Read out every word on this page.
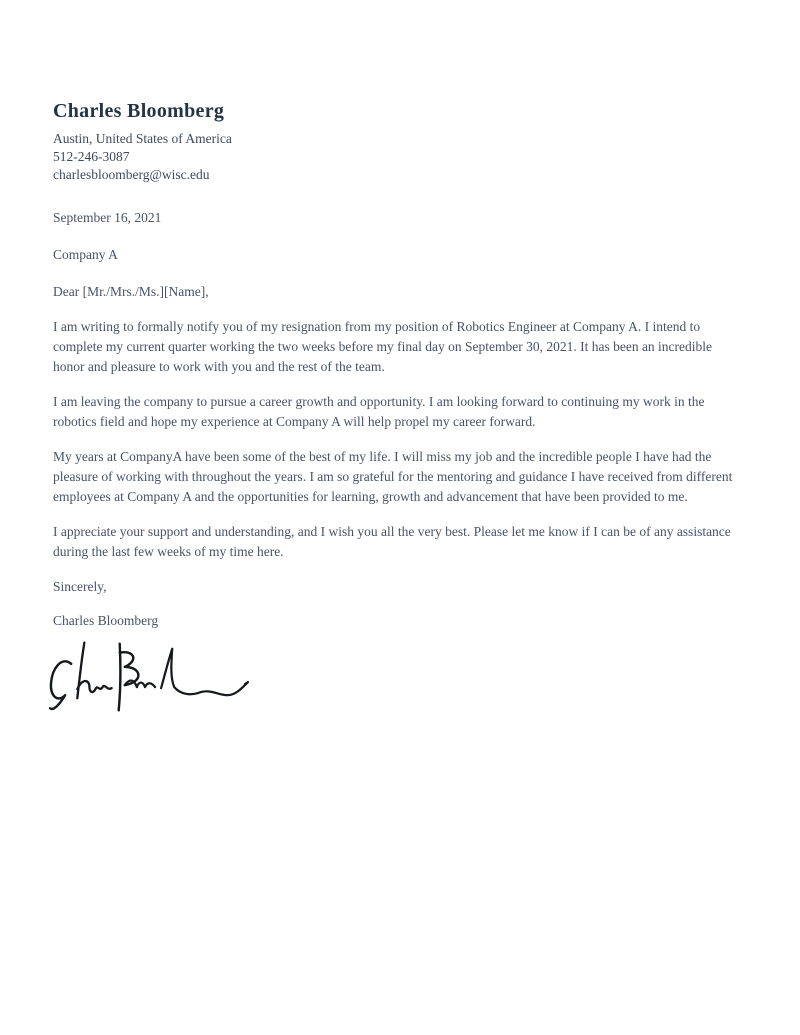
Charles Bloomberg

Austin, United States of America

512-246-3087

charlesbloomberg@wisc.edu

September 16, 2021

Company A

Dear [Mr./Mrs./Ms.][Name],

I am writing to formally notify you of my resignation from my position of Robotics Engineer at Company A. I intend to complete my current quarter working the two weeks before my final day on September 30, 2021. It has been an incredible honor and pleasure to work with you and the rest of the team.

I am leaving the company to pursue a career growth and opportunity. I am looking forward to continuing my work in the robotics field and hope my experience at Company A will help propel my career forward.

My years at CompanyA have been some of the best of my life. I will miss my job and the incredible people I have had the pleasure of working with throughout the years. I am so grateful for the mentoring and guidance I have received from different employees at Company A and the opportunities for learning, growth and advancement that have been provided to me.

I appreciate your support and understanding, and I wish you all the very best. Please let me know if I can be of any assistance during the last few weeks of my time here.

Sincerely,

Charles Bloomberg
